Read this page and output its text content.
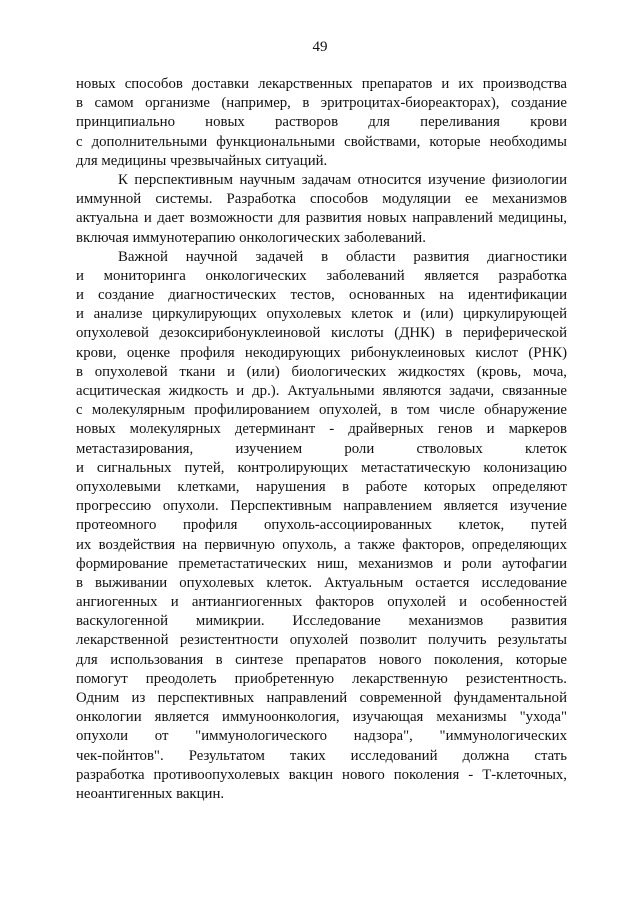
49
новых способов доставки лекарственных препаратов и их производства
в самом организме (например, в эритроцитах-биореакторах), создание
принципиально новых растворов для переливания крови
с дополнительными функциональными свойствами, которые необходимы
для медицины чрезвычайных ситуаций.
К перспективным научным задачам относится изучение физиологии
иммунной системы. Разработка способов модуляции ее механизмов
актуальна и дает возможности для развития новых направлений медицины,
включая иммунотерапию онкологических заболеваний.
Важной научной задачей в области развития диагностики
и мониторинга онкологических заболеваний является разработка
и создание диагностических тестов, основанных на идентификации
и анализе циркулирующих опухолевых клеток и (или) циркулирующей
опухолевой дезоксирибонуклеиновой кислоты (ДНК) в периферической
крови, оценке профиля некодирующих рибонуклеиновых кислот (РНК)
в опухолевой ткани и (или) биологических жидкостях (кровь, моча,
асцитическая жидкость и др.). Актуальными являются задачи, связанные
с молекулярным профилированием опухолей, в том числе обнаружение
новых молекулярных детерминант - драйверных генов и маркеров
метастазирования, изучением роли стволовых клеток
и сигнальных путей, контролирующих метастатическую колонизацию
опухолевыми клетками, нарушения в работе которых определяют
прогрессию опухоли. Перспективным направлением является изучение
протеомного профиля опухоль-ассоциированных клеток, путей
их воздействия на первичную опухоль, а также факторов, определяющих
формирование преметастатических ниш, механизмов и роли аутофагии
в выживании опухолевых клеток. Актуальным остается исследование
ангиогенных и антиангиогенных факторов опухолей и особенностей
васкулогенной мимикрии. Исследование механизмов развития
лекарственной резистентности опухолей позволит получить результаты
для использования в синтезе препаратов нового поколения, которые
помогут преодолеть приобретенную лекарственную резистентность.
Одним из перспективных направлений современной фундаментальной
онкологии является иммуноонкология, изучающая механизмы "ухода"
опухоли от "иммунологического надзора", "иммунологических
чек-пойнтов". Результатом таких исследований должна стать
разработка противоопухолевых вакцин нового поколения - Т-клеточных,
неоантигенных вакцин.
